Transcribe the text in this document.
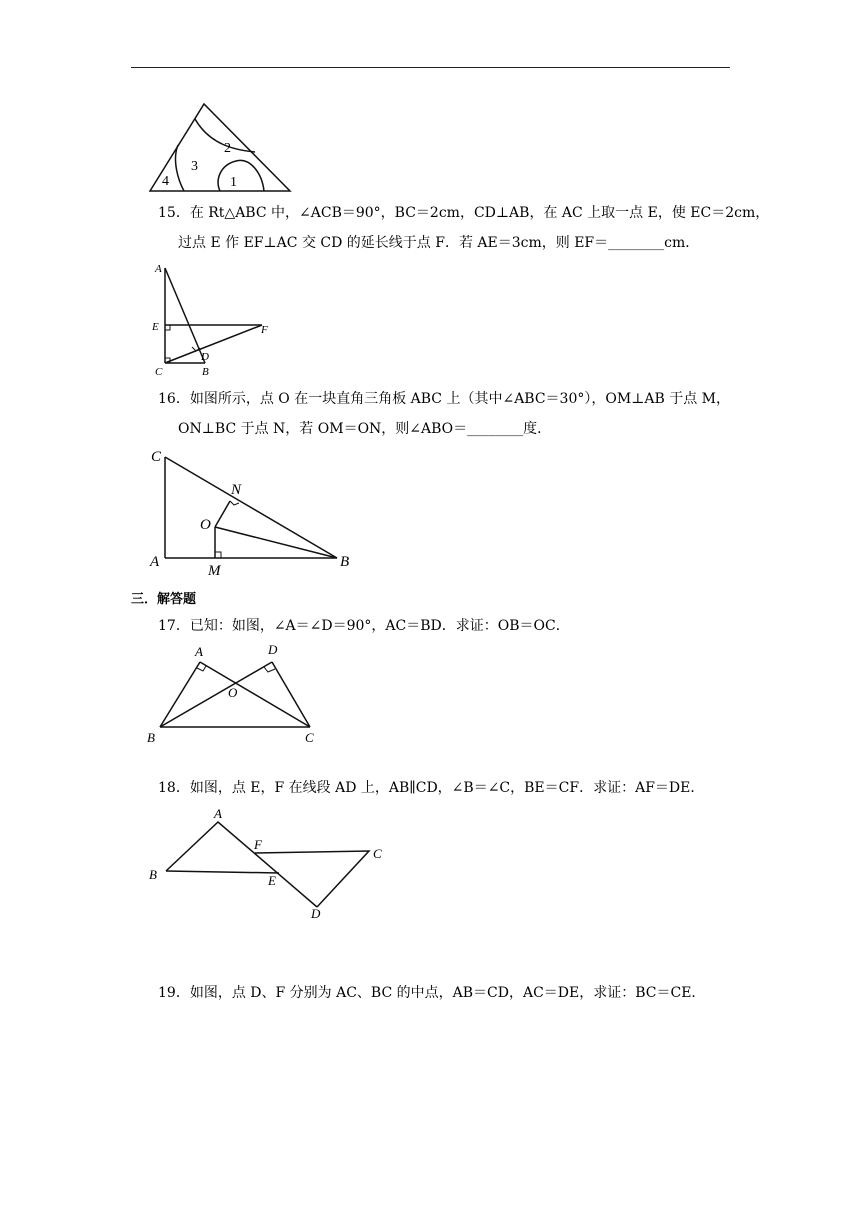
4
3
2
1
15．在 Rt△ABC 中，∠ACB＝90°，BC＝2cm，CD⊥AB，在 AC 上取一点 E，使 EC＝2cm，
过点 E 作 EF⊥AC 交 CD 的延长线于点 F．若 AE＝3cm，则 EF＝________cm．
A
E	F
D
C	B
16．如图所示，点 O 在一块直角三角板 ABC 上（其中∠ABC＝30°），OM⊥AB 于点 M，
ON⊥BC 于点 N，若 OM＝ON，则∠ABO＝________度．
C
N
O
A
M
B
三．解答题
17．已知：如图，∠A＝∠D＝90°，AC＝BD．求证：OB＝OC．
A	D
O
B	C
18．如图，点 E，F 在线段 AD 上，AB∥CD，∠B＝∠C，BE＝CF．求证：AF＝DE．
A
F
C
B	E
D
19．如图，点 D、F 分别为 AC、BC 的中点，AB＝CD，AC＝DE，求证：BC＝CE．
